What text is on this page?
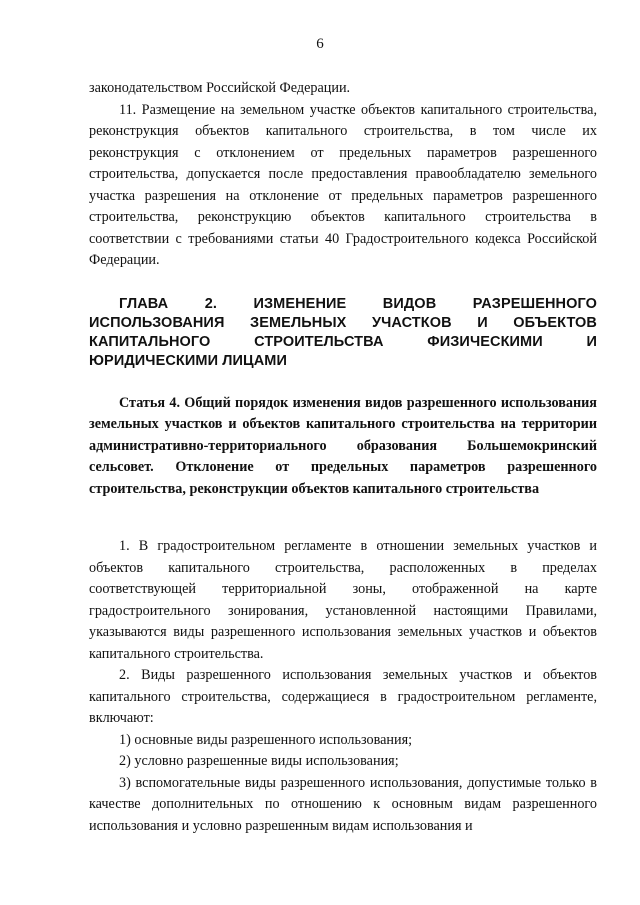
6

законодательством Российской Федерации.

11. Размещение на земельном участке объектов капитального строительства, реконструкция объектов капитального строительства, в том числе их реконструкция с отклонением от предельных параметров разрешенного строительства, допускается после предоставления правообладателю земельного участка разрешения на отклонение от предельных параметров разрешенного строительства, реконструкцию объектов капитального строительства в соответствии с требованиями статьи 40 Градостроительного кодекса Российской Федерации.

ГЛАВА 2. ИЗМЕНЕНИЕ ВИДОВ РАЗРЕШЕННОГО ИСПОЛЬЗОВАНИЯ ЗЕМЕЛЬНЫХ УЧАСТКОВ И ОБЪЕКТОВ КАПИТАЛЬНОГО СТРОИТЕЛЬСТВА ФИЗИЧЕСКИМИ И ЮРИДИЧЕСКИМИ ЛИЦАМИ
Статья 4. Общий порядок изменения видов разрешенного использования земельных участков и объектов капитального строительства на территории административно-территориального образования Большемокринский сельсовет. Отклонение от предельных параметров разрешенного строительства, реконструкции объектов капитального строительства

1. В градостроительном регламенте в отношении земельных участков и объектов капитального строительства, расположенных в пределах соответствующей территориальной зоны, отображенной на карте градостроительного зонирования, установленной настоящими Правилами, указываются виды разрешенного использования земельных участков и объектов капитального строительства.

2. Виды разрешенного использования земельных участков и объектов капитального строительства, содержащиеся в градостроительном регламенте, включают:

1) основные виды разрешенного использования;

2) условно разрешенные виды использования;

3) вспомогательные виды разрешенного использования, допустимые только в качестве дополнительных по отношению к основным видам разрешенного использования и условно разрешенным видам использования и
